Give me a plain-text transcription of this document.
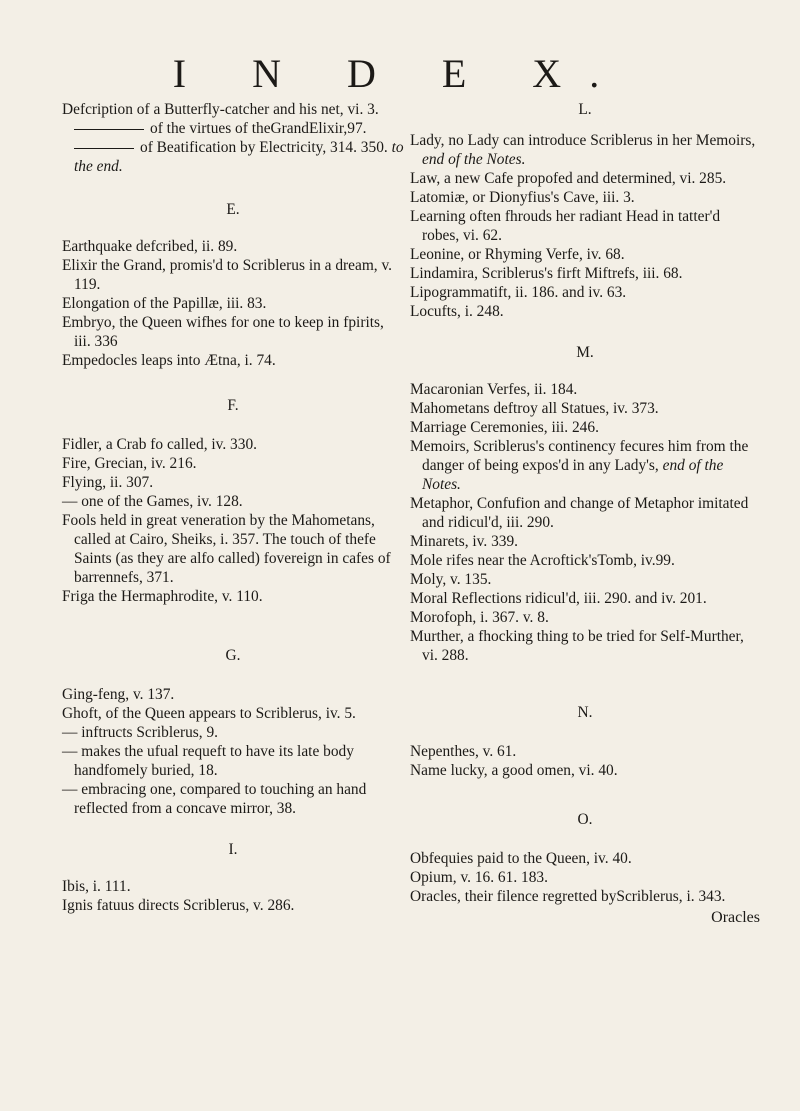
I N D E X.

Defcription of a Butterfly-catcher and his net, vi. 3.

of the virtues of theGrandElixir,97.

of Beatification by Electricity, 314. 350. to the end.

E.

Earthquake defcribed, ii. 89.

Elixir the Grand, promis'd to Scriblerus in a dream, v. 119.

Elongation of the Papillæ, iii. 83.

Embryo, the Queen wifhes for one to keep in fpirits, iii. 336

Empedocles leaps into Ætna, i. 74.

F.

Fidler, a Crab fo called, iv. 330.

Fire, Grecian, iv. 216.

Flying, ii. 307.

— one of the Games, iv. 128.

Fools held in great veneration by the Mahometans, called at Cairo, Sheiks, i. 357. The touch of thefe Saints (as they are alfo called) fovereign in cafes of barrennefs, 371.

Friga the Hermaphrodite, v. 110.

G.

Ging-feng, v. 137.

Ghoft, of the Queen appears to Scriblerus, iv. 5.

— inftructs Scriblerus, 9.

— makes the ufual requeft to have its late body handfomely buried, 18.

— embracing one, compared to touching an hand reflected from a concave mirror, 38.

I.

Ibis, i. 111.

Ignis fatuus directs Scriblerus, v. 286.

L.

Lady, no Lady can introduce Scriblerus in her Memoirs, end of the Notes.

Law, a new Cafe propofed and determined, vi. 285.

Latomiæ, or Dionyfius's Cave, iii. 3.

Learning often fhrouds her radiant Head in tatter'd robes, vi. 62.

Leonine, or Rhyming Verfe, iv. 68.

Lindamira, Scriblerus's firft Miftrefs, iii. 68.

Lipogrammatift, ii. 186. and iv. 63.

Locufts, i. 248.

M.

Macaronian Verfes, ii. 184.

Mahometans deftroy all Statues, iv. 373.

Marriage Ceremonies, iii. 246.

Memoirs, Scriblerus's continency fecures him from the danger of being expos'd in any Lady's, end of the Notes.

Metaphor, Confufion and change of Metaphor imitated and ridicul'd, iii. 290.

Minarets, iv. 339.

Mole rifes near the Acroftick'sTomb, iv.99.

Moly, v. 135.

Moral Reflections ridicul'd, iii. 290. and iv. 201.

Morofoph, i. 367. v. 8.

Murther, a fhocking thing to be tried for Self-Murther, vi. 288.

N.

Nepenthes, v. 61.

Name lucky, a good omen, vi. 40.

O.

Obfequies paid to the Queen, iv. 40.

Opium, v. 16. 61. 183.

Oracles, their filence regretted byScriblerus, i. 343.

Oracles
